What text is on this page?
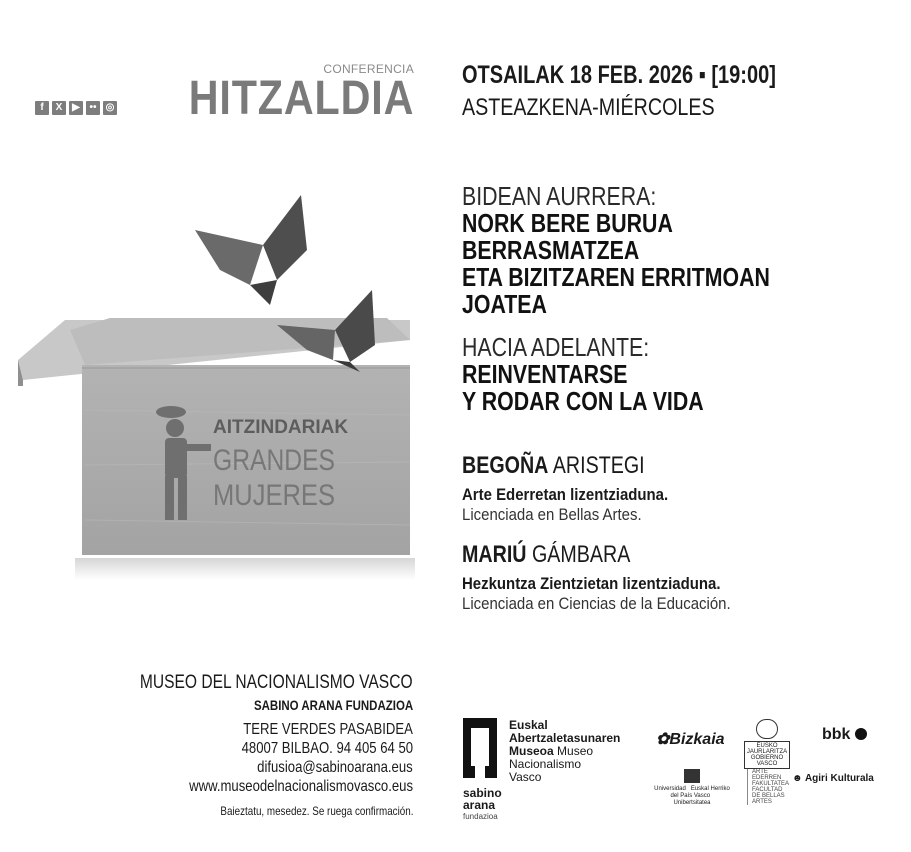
f	X ▶ •• ◎
CONFERENCIA
HITZALDIA OTSAILAK 18 FEB. 2026 ▪ [19:00]
ASTEAZKENA-MIÉRCOLES
AITZINDARIAK
GRANDES
MUJERES
BIDEAN AURRERA:
NORK BERE BURUA
BERRASMATZEA
ETA BIZITZAREN ERRITMOAN
JOATEA
HACIA ADELANTE:
REINVENTARSE
Y RODAR CON LA VIDA
BEGOÑA ARISTEGI
Arte Ederretan lizentziaduna.
Licenciada en Bellas Artes.
MARIÚ GÁMBARA
Hezkuntza Zientzietan lizentziaduna.
Licenciada en Ciencias de la Educación.
MUSEO DEL NACIONALISMO VASCO
SABINO ARANA FUNDAZIOA
TERE VERDES PASABIDEA
48007 BILBAO. 94 405 64 50
difusioa@sabinoarana.eus
www.museodelnacionalismovasco.eus
Baieztatu, mesedez. Se ruega confirmación.
Euskal
Abertzaletasunaren
Museoa Museo
Nacionalismo
Vasco
sabino
arana
fundazioa
✿Bizkaia	EUSKO JAURLARITZA GOBIERNO VASCO
bbk
Universidad Euskal Herriko
del País Vasco   Unibertsitatea
ARTE EDERREN FAKULTATEA FACULTAD DE BELLAS ARTES
☻ Agiri Kulturala
